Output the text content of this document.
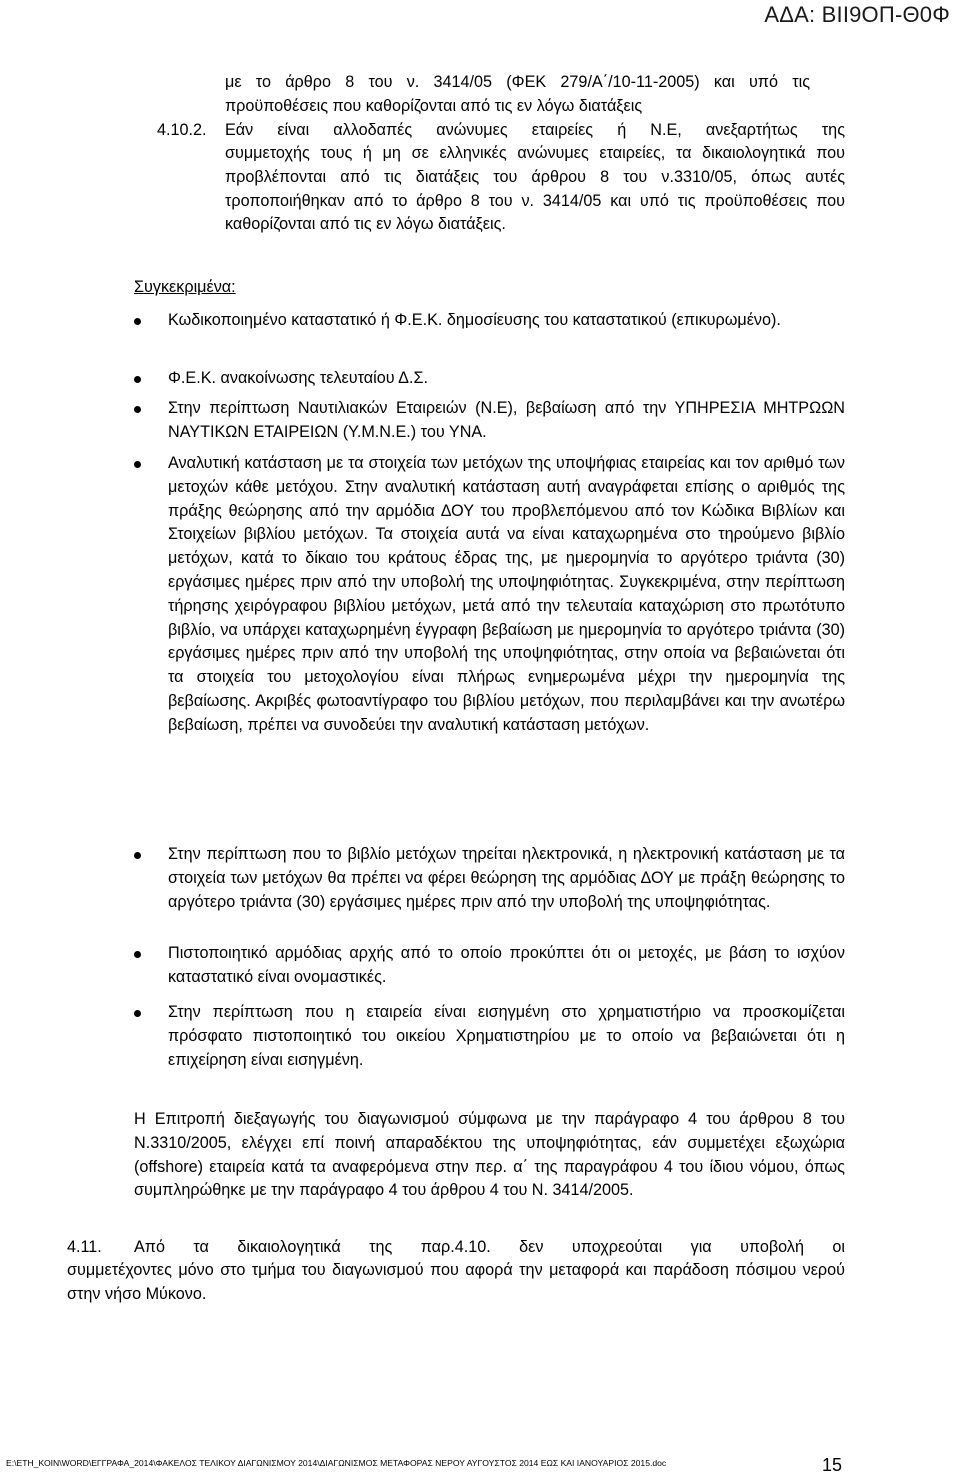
ΑΔΑ: ΒΙΙ9ΟΠ-Θ0Φ
με το άρθρο 8 του ν. 3414/05 (ΦΕΚ 279/Α΄/10-11-2005) και υπό τις προϋποθέσεις που καθορίζονται από τις εν λόγω διατάξεις
4.10.2. Εάν είναι αλλοδαπές ανώνυμες εταιρείες ή Ν.Ε, ανεξαρτήτως της
συμμετοχής τους ή μη σε ελληνικές ανώνυμες εταιρείες, τα δικαιολογητικά που προβλέπονται από τις διατάξεις του άρθρου 8 του ν.3310/05, όπως αυτές τροποποιήθηκαν από το άρθρο 8 του ν. 3414/05 και υπό τις προϋποθέσεις που καθορίζονται από τις εν λόγω διατάξεις.
Συγκεκριμένα:
Κωδικοποιημένο καταστατικό ή Φ.Ε.Κ. δημοσίευσης του καταστατικού (επικυρωμένο).
Φ.Ε.Κ. ανακοίνωσης τελευταίου Δ.Σ.
Στην περίπτωση Ναυτιλιακών Εταιρειών (Ν.Ε), βεβαίωση από την ΥΠΗΡΕΣΙΑ ΜΗΤΡΩΩΝ ΝΑΥΤΙΚΩΝ ΕΤΑΙΡΕΙΩΝ (Υ.Μ.Ν.Ε.) του ΥΝΑ.
Αναλυτική κατάσταση με τα στοιχεία των μετόχων της υποψήφιας εταιρείας και τον αριθμό των μετοχών κάθε μετόχου. Στην αναλυτική κατάσταση αυτή αναγράφεται επίσης ο αριθμός της πράξης θεώρησης από την αρμόδια ΔΟΥ του προβλεπόμενου από τον Κώδικα Βιβλίων και Στοιχείων βιβλίου μετόχων. Τα στοιχεία αυτά να είναι καταχωρημένα στο τηρούμενο βιβλίο μετόχων, κατά το δίκαιο του κράτους έδρας της, με ημερομηνία το αργότερο τριάντα (30) εργάσιμες ημέρες πριν από την υποβολή της υποψηφιότητας. Συγκεκριμένα, στην περίπτωση τήρησης χειρόγραφου βιβλίου μετόχων, μετά από την τελευταία καταχώριση στο πρωτότυπο βιβλίο, να υπάρχει καταχωρημένη έγγραφη βεβαίωση με ημερομηνία το αργότερο τριάντα (30) εργάσιμες ημέρες πριν από την υποβολή της υποψηφιότητας, στην οποία να βεβαιώνεται ότι τα στοιχεία του μετοχολογίου είναι πλήρως ενημερωμένα μέχρι την ημερομηνία της βεβαίωσης. Ακριβές φωτοαντίγραφο του βιβλίου μετόχων, που περιλαμβάνει και την ανωτέρω βεβαίωση, πρέπει να συνοδεύει την αναλυτική κατάσταση μετόχων.
Στην περίπτωση που το βιβλίο μετόχων τηρείται ηλεκτρονικά, η ηλεκτρονική κατάσταση με τα στοιχεία των μετόχων θα πρέπει να φέρει θεώρηση της αρμόδιας ΔΟΥ με πράξη θεώρησης το αργότερο τριάντα (30) εργάσιμες ημέρες πριν από την υποβολή της υποψηφιότητας.
Πιστοποιητικό αρμόδιας αρχής από το οποίο προκύπτει ότι οι μετοχές, με βάση το ισχύον καταστατικό είναι ονομαστικές.
Στην περίπτωση που η εταιρεία είναι εισηγμένη στο χρηματιστήριο να προσκομίζεται πρόσφατο πιστοποιητικό του οικείου Χρηματιστηρίου με το οποίο να βεβαιώνεται ότι η επιχείρηση είναι εισηγμένη.
Η Επιτροπή διεξαγωγής του διαγωνισμού σύμφωνα με την παράγραφο 4 του άρθρου 8 του Ν.3310/2005, ελέγχει επί ποινή απαραδέκτου της υποψηφιότητας, εάν συμμετέχει εξωχώρια (offshore) εταιρεία κατά τα αναφερόμενα στην περ. α΄ της παραγράφου 4 του ίδιου νόμου, όπως συμπληρώθηκε με την παράγραφο 4 του άρθρου 4 του Ν. 3414/2005.
4.11. Από τα δικαιολογητικά της παρ.4.10. δεν υποχρεούται για υποβολή οι
συμμετέχοντες μόνο στο τμήμα του διαγωνισμού που αφορά την μεταφορά και παράδοση πόσιμου νερού στην νήσο Μύκονο.
E:\ΕΤΗ_ΚΟΙΝ\WORD\ΕΓΓΡΑΦΑ_2014\ΦΑΚΕΛΟΣ ΤΕΛΙΚΟΥ ΔΙΑΓΩΝΙΣΜΟΥ 2014\ΔΙΑΓΩΝΙΣΜΟΣ ΜΕΤΑΦΟΡΑΣ ΝΕΡΟΥ ΑΥΓΟΥΣΤΟΣ 2014 ΕΩΣ ΚΑΙ ΙΑΝΟΥΑΡΙΟΣ 2015.doc	15
